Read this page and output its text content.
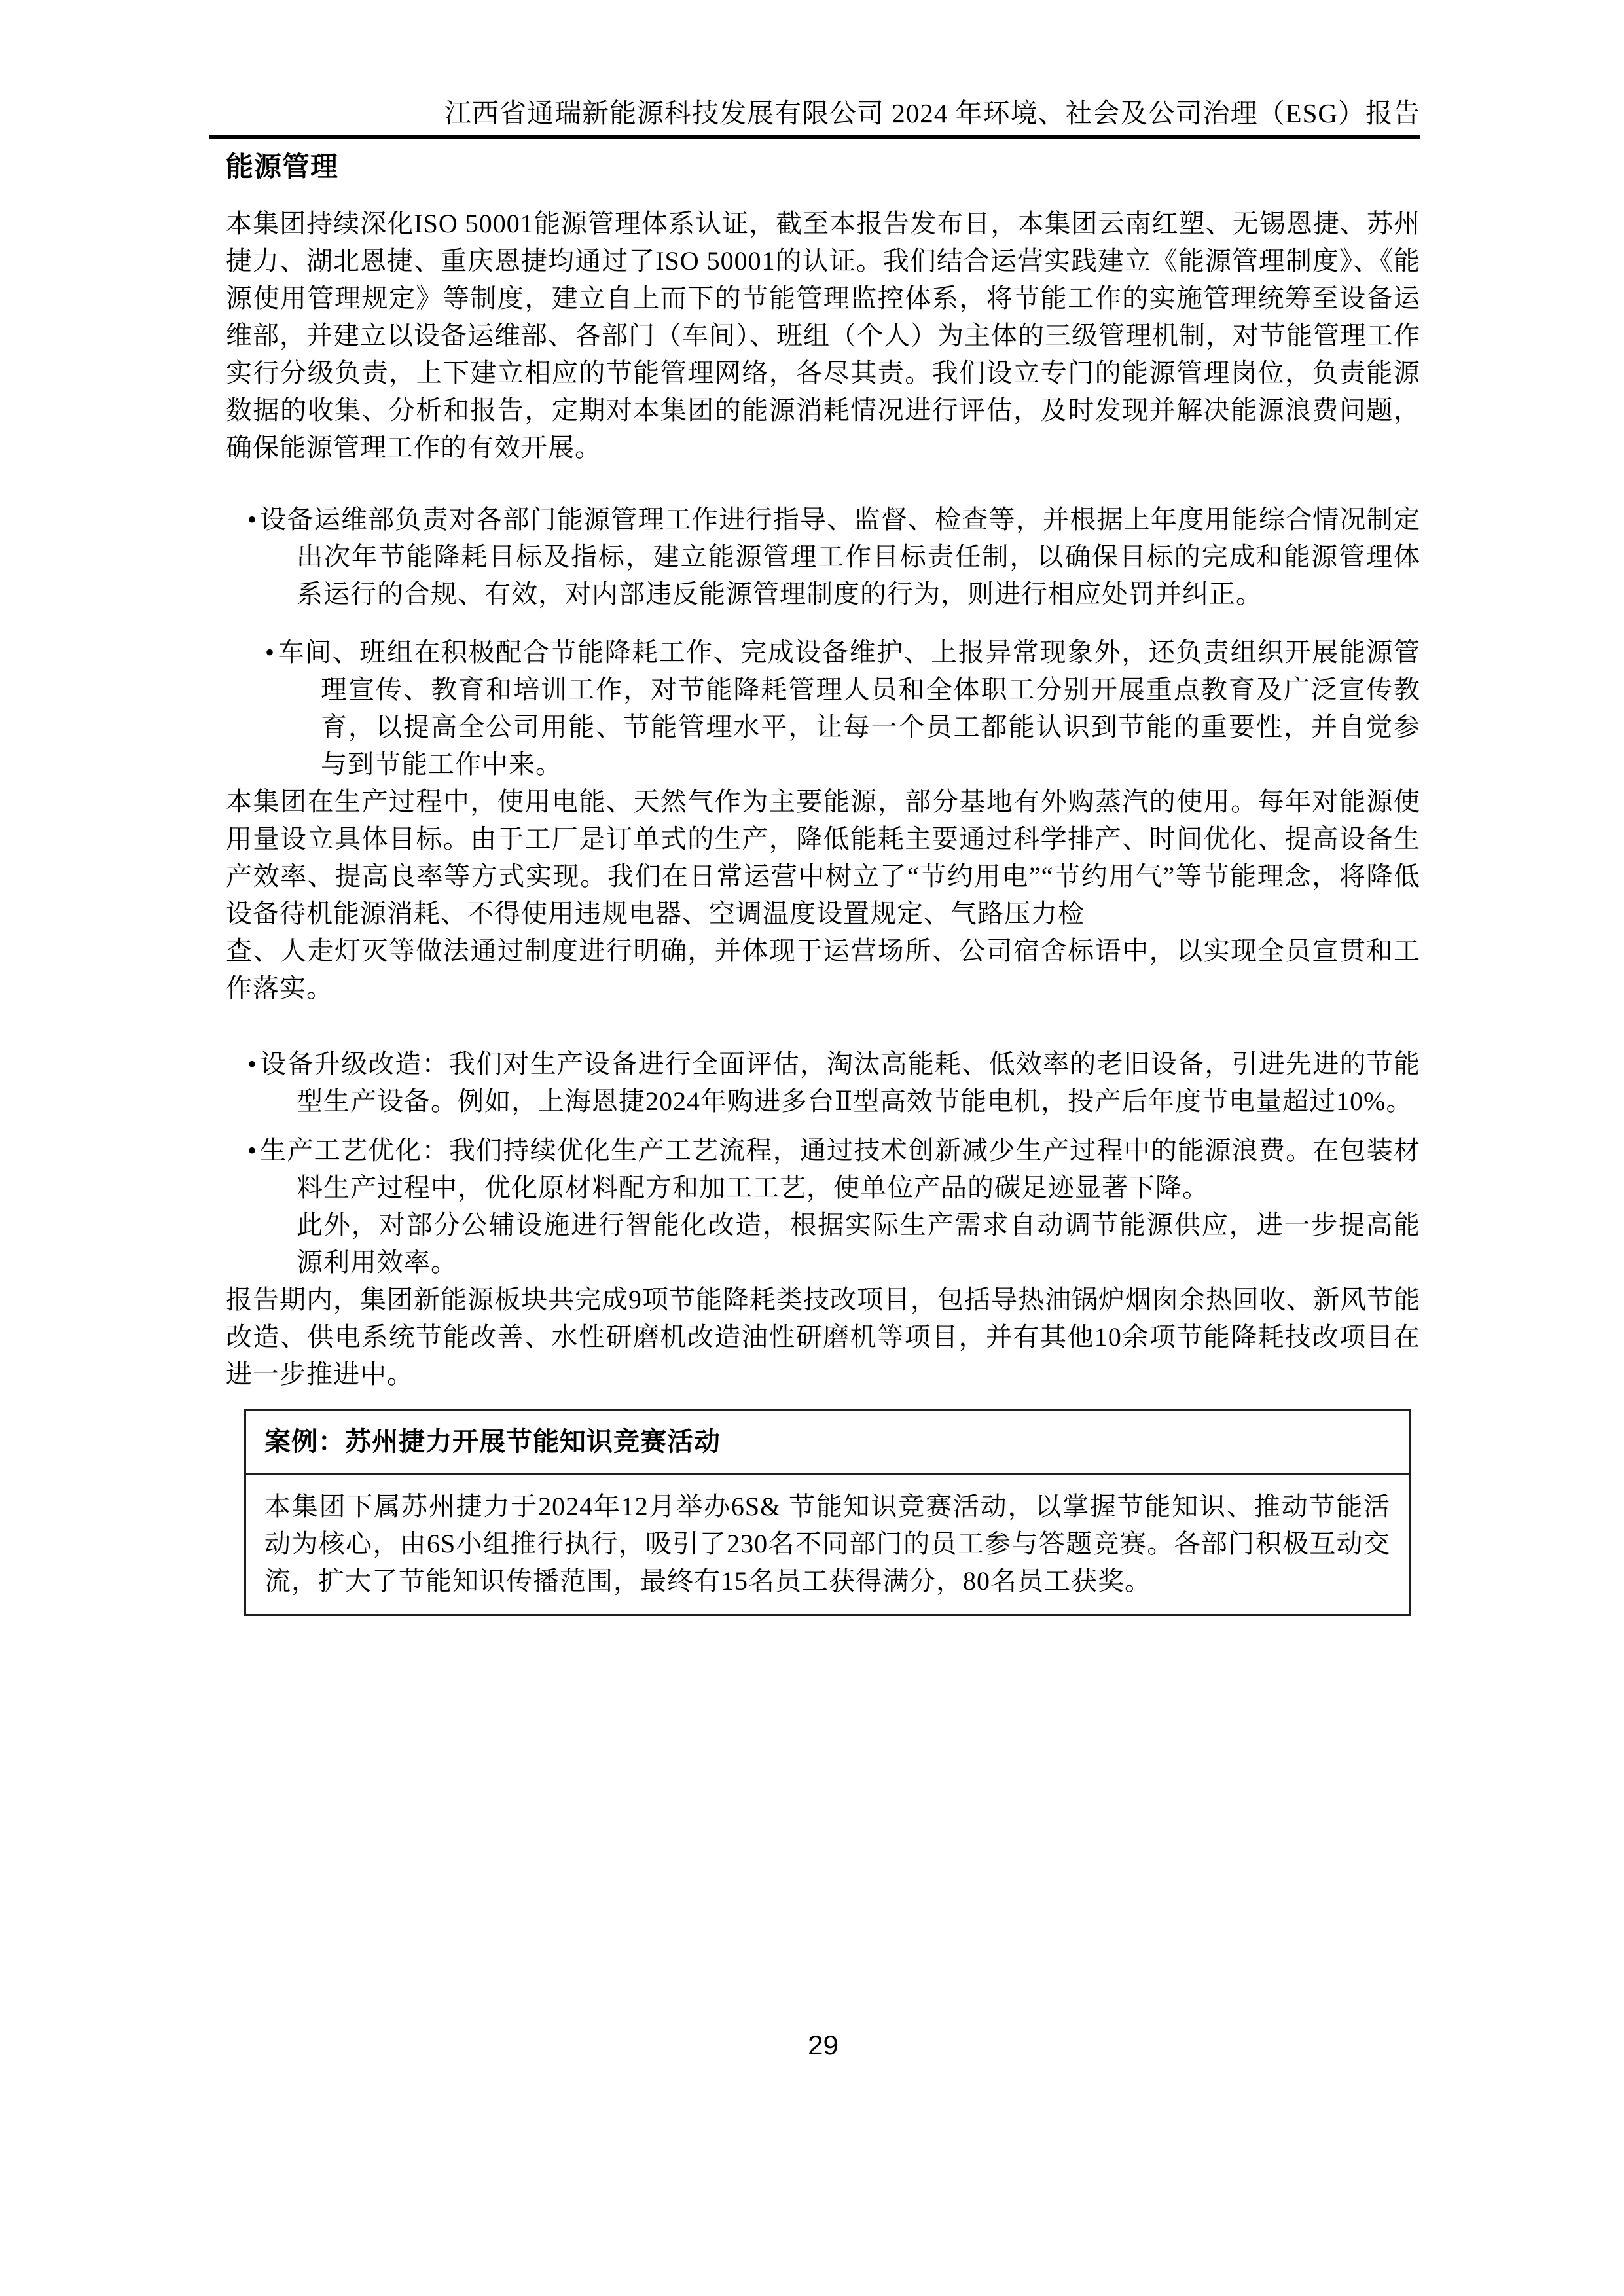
江西省通瑞新能源科技发展有限公司 2024 年环境、社会及公司治理（ESG）报告
能源管理

本集团持续深化ISO 50001能源管理体系认证，截至本报告发布日，本集团云南红塑、无锡恩捷、苏州捷力、湖北恩捷、重庆恩捷均通过了ISO 50001的认证。我们结合运营实践建立《能源管理制度》、《能源使用管理规定》等制度，建立自上而下的节能管理监控体系，将节能工作的实施管理统筹至设备运维部，并建立以设备运维部、各部门（车间）、班组（个人）为主体的三级管理机制，对节能管理工作实行分级负责，上下建立相应的节能管理网络，各尽其责。我们设立专门的能源管理岗位，负责能源数据的收集、分析和报告，定期对本集团的能源消耗情况进行评估，及时发现并解决能源浪费问题，确保能源管理工作的有效开展。

• 设备运维部负责对各部门能源管理工作进行指导、监督、检查等，并根据上年度用能综合情况制定出次年节能降耗目标及指标，建立能源管理工作目标责任制，以确保目标的完成和能源管理体系运行的合规、有效，对内部违反能源管理制度的行为，则进行相应处罚并纠正。
• 车间、班组在积极配合节能降耗工作、完成设备维护、上报异常现象外，还负责组织开展能源管理宣传、教育和培训工作，对节能降耗管理人员和全体职工分别开展重点教育及广泛宣传教育，以提高全公司用能、节能管理水平，让每一个员工都能认识到节能的重要性，并自觉参与到节能工作中来。

本集团在生产过程中，使用电能、天然气作为主要能源，部分基地有外购蒸汽的使用。每年对能源使用量设立具体目标。由于工厂是订单式的生产，降低能耗主要通过科学排产、时间优化、提高设备生产效率、提高良率等方式实现。我们在日常运营中树立了“节约用电”“节约用气”等节能理念，将降低设备待机能源消耗、不得使用违规电器、空调温度设置规定、气路压力检

查、人走灯灭等做法通过制度进行明确，并体现于运营场所、公司宿舍标语中，以实现全员宣贯和工作落实。

• 设备升级改造：我们对生产设备进行全面评估，淘汰高能耗、低效率的老旧设备，引进先进的节能型生产设备。例如，上海恩捷2024年购进多台Ⅱ型高效节能电机，投产后年度节电量超过10%。
• 生产工艺优化：我们持续优化生产工艺流程，通过技术创新减少生产过程中的能源浪费。在包装材料生产过程中，优化原材料配方和加工工艺，使单位产品的碳足迹显著下降。

此外，对部分公辅设施进行智能化改造，根据实际生产需求自动调节能源供应，进一步提高能源利用效率。

报告期内，集团新能源板块共完成9项节能降耗类技改项目，包括导热油锅炉烟囱余热回收、新风节能改造、供电系统节能改善、水性研磨机改造油性研磨机等项目，并有其他10余项节能降耗技改项目在进一步推进中。

案例：苏州捷力开展节能知识竞赛活动
本集团下属苏州捷力于2024年12月举办6S& 节能知识竞赛活动，以掌握节能知识、推动节能活动为核心，由6S小组推行执行，吸引了230名不同部门的员工参与答题竞赛。各部门积极互动交流，扩大了节能知识传播范围，最终有15名员工获得满分，80名员工获奖。
29
